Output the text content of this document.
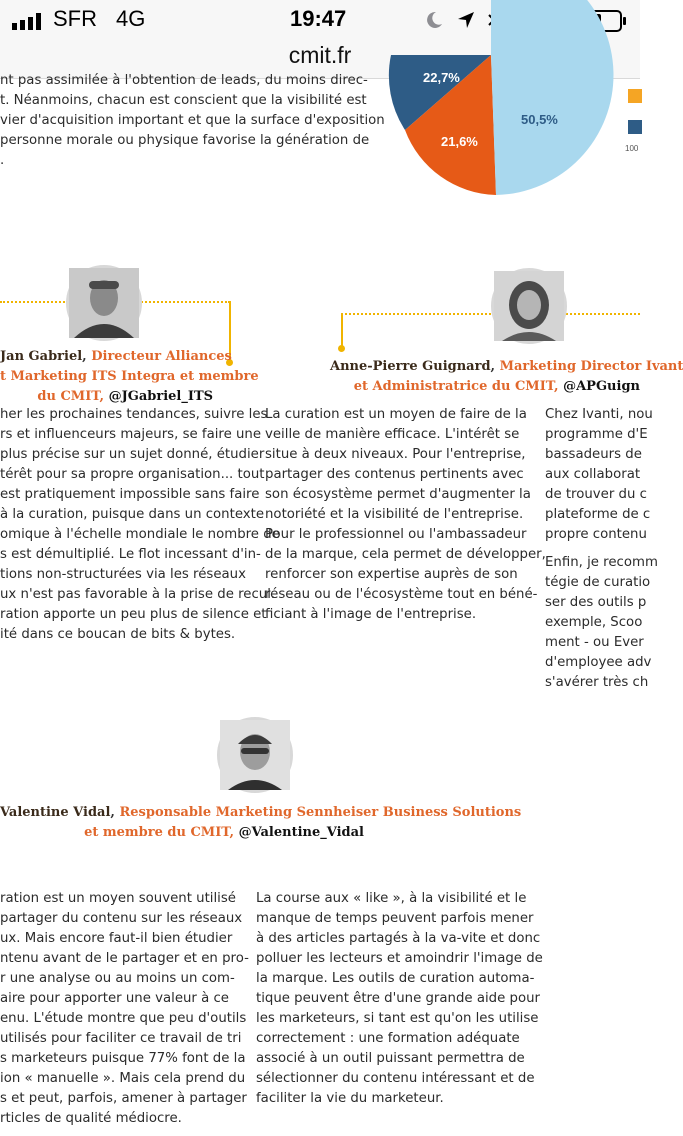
SFR 4G	19:47
cmit.fr
nt pas assimilée à l'obtention de leads, du moins direc-
t. Néanmoins, chacun est conscient que la visibilité est
vier d'acquisition important et que la surface d'exposition
personne morale ou physique favorise la génération de
.
22,7%
21,6%
50,5%
100
Jan Gabriel, Directeur Alliances
t Marketing ITS Integra et membre
du CMIT, @JGabriel_ITS
her les prochaines tendances, suivre les
rs et influenceurs majeurs, se faire une
plus précise sur un sujet donné, étudier
térêt pour sa propre organisation... tout
est pratiquement impossible sans faire
à la curation, puisque dans un contexte
omique à l'échelle mondiale le nombre de
s est démultiplié. Le flot incessant d'in-
tions non-structurées via les réseaux
ux n'est pas favorable à la prise de recul.
ration apporte un peu plus de silence et
ité dans ce boucan de bits & bytes.
Anne-Pierre Guignard, Marketing Director Ivant
et Administratrice du CMIT, @APGuign
La curation est un moyen de faire de la
veille de manière efficace. L'intérêt se
situe à deux niveaux. Pour l'entreprise,
partager des contenus pertinents avec
son écosystème permet d'augmenter la
notoriété et la visibilité de l'entreprise.
Pour le professionnel ou l'ambassadeur
de la marque, cela permet de développer,
renforcer son expertise auprès de son
réseau ou de l'écosystème tout en béné-
ficiant à l'image de l'entreprise.
Chez Ivanti, nou
programme d'E
bassadeurs de
aux collaborat
de trouver du c
plateforme de c
propre contenu
Enfin, je recomm
tégie de curatio
ser des outils p
exemple, Scoo
ment - ou Ever
d'employee adv
s'avérer très ch
Valentine Vidal, Responsable Marketing Sennheiser Business Solutions
et membre du CMIT, @Valentine_Vidal
ration est un moyen souvent utilisé
partager du contenu sur les réseaux
ux. Mais encore faut-il bien étudier
ntenu avant de le partager et en pro-
r une analyse ou au moins un com-
aire pour apporter une valeur à ce
enu. L'étude montre que peu d'outils
utilisés pour faciliter ce travail de tri
s marketeurs puisque 77% font de la
ion « manuelle ». Mais cela prend du
s et peut, parfois, amener à partager
rticles de qualité médiocre.
La course aux « like », à la visibilité et le
manque de temps peuvent parfois mener
à des articles partagés à la va-vite et donc
polluer les lecteurs et amoindrir l'image de
la marque. Les outils de curation automa-
tique peuvent être d'une grande aide pour
les marketeurs, si tant est qu'on les utilise
correctement : une formation adéquate
associé à un outil puissant permettra de
sélectionner du contenu intéressant et de
faciliter la vie du marketeur.
